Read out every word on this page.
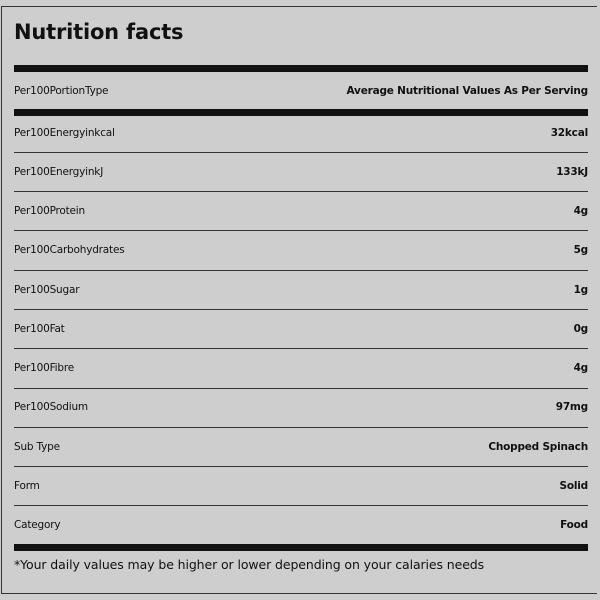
Nutrition facts
Per100PortionType	Average Nutritional Values As Per Serving
Per100Energyinkcal	32kcal
Per100EnergyinkJ	133kJ
Per100Protein	4g
Per100Carbohydrates	5g
Per100Sugar	1g
Per100Fat	0g
Per100Fibre	4g
Per100Sodium	97mg
Sub Type	Chopped Spinach
Form	Solid
Category	Food
*Your daily values may be higher or lower depending on your calaries needs
